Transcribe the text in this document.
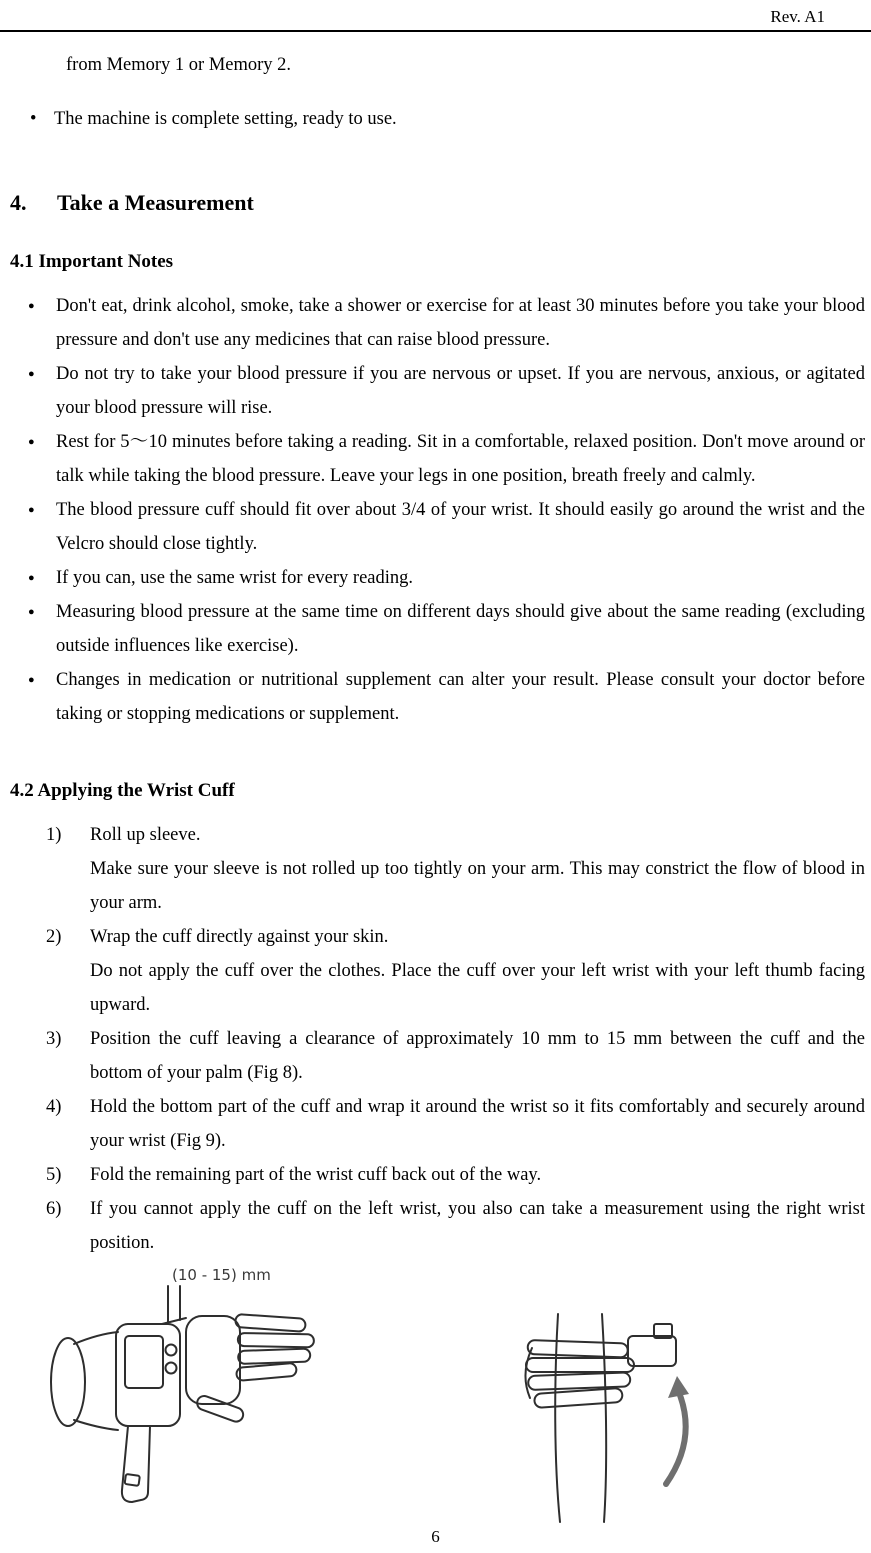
Rev. A1

from Memory 1 or Memory 2.

• The machine is complete setting, ready to use.
4. Take a Measurement
4.1 Important Notes
●	Don't eat, drink alcohol, smoke, take a shower or exercise for at least 30 minutes before you take your blood pressure and don't use any medicines that can raise blood pressure.
●	Do not try to take your blood pressure if you are nervous or upset. If you are nervous, anxious, or agitated your blood pressure will rise.
●	Rest for 5～10 minutes before taking a reading. Sit in a comfortable, relaxed position. Don't move around or talk while taking the blood pressure. Leave your legs in one position, breath freely and calmly.
●	The blood pressure cuff should fit over about 3/4 of your wrist. It should easily go around the wrist and the Velcro should close tightly.
●	If you can, use the same wrist for every reading.
●	Measuring blood pressure at the same time on different days should give about the same reading (excluding outside influences like exercise).
●	Changes in medication or nutritional supplement can alter your result. Please consult your doctor before taking or stopping medications or supplement.
4.2 Applying the Wrist Cuff
1)	Roll up sleeve.
Make sure your sleeve is not rolled up too tightly on your arm. This may constrict the flow of blood in your arm.
2)	Wrap the cuff directly against your skin.
Do not apply the cuff over the clothes. Place the cuff over your left wrist with your left thumb facing upward.
3)	Position the cuff leaving a clearance of approximately 10 mm to 15 mm between the cuff and the bottom of your palm (Fig 8).
4)	Hold the bottom part of the cuff and wrap it around the wrist so it fits comfortably and securely around your wrist (Fig 9).
5)	Fold the remaining part of the wrist cuff back out of the way.
6)	If you cannot apply the cuff on the left wrist, you also can take a measurement using the right wrist position.
(10 - 15) mm
6
